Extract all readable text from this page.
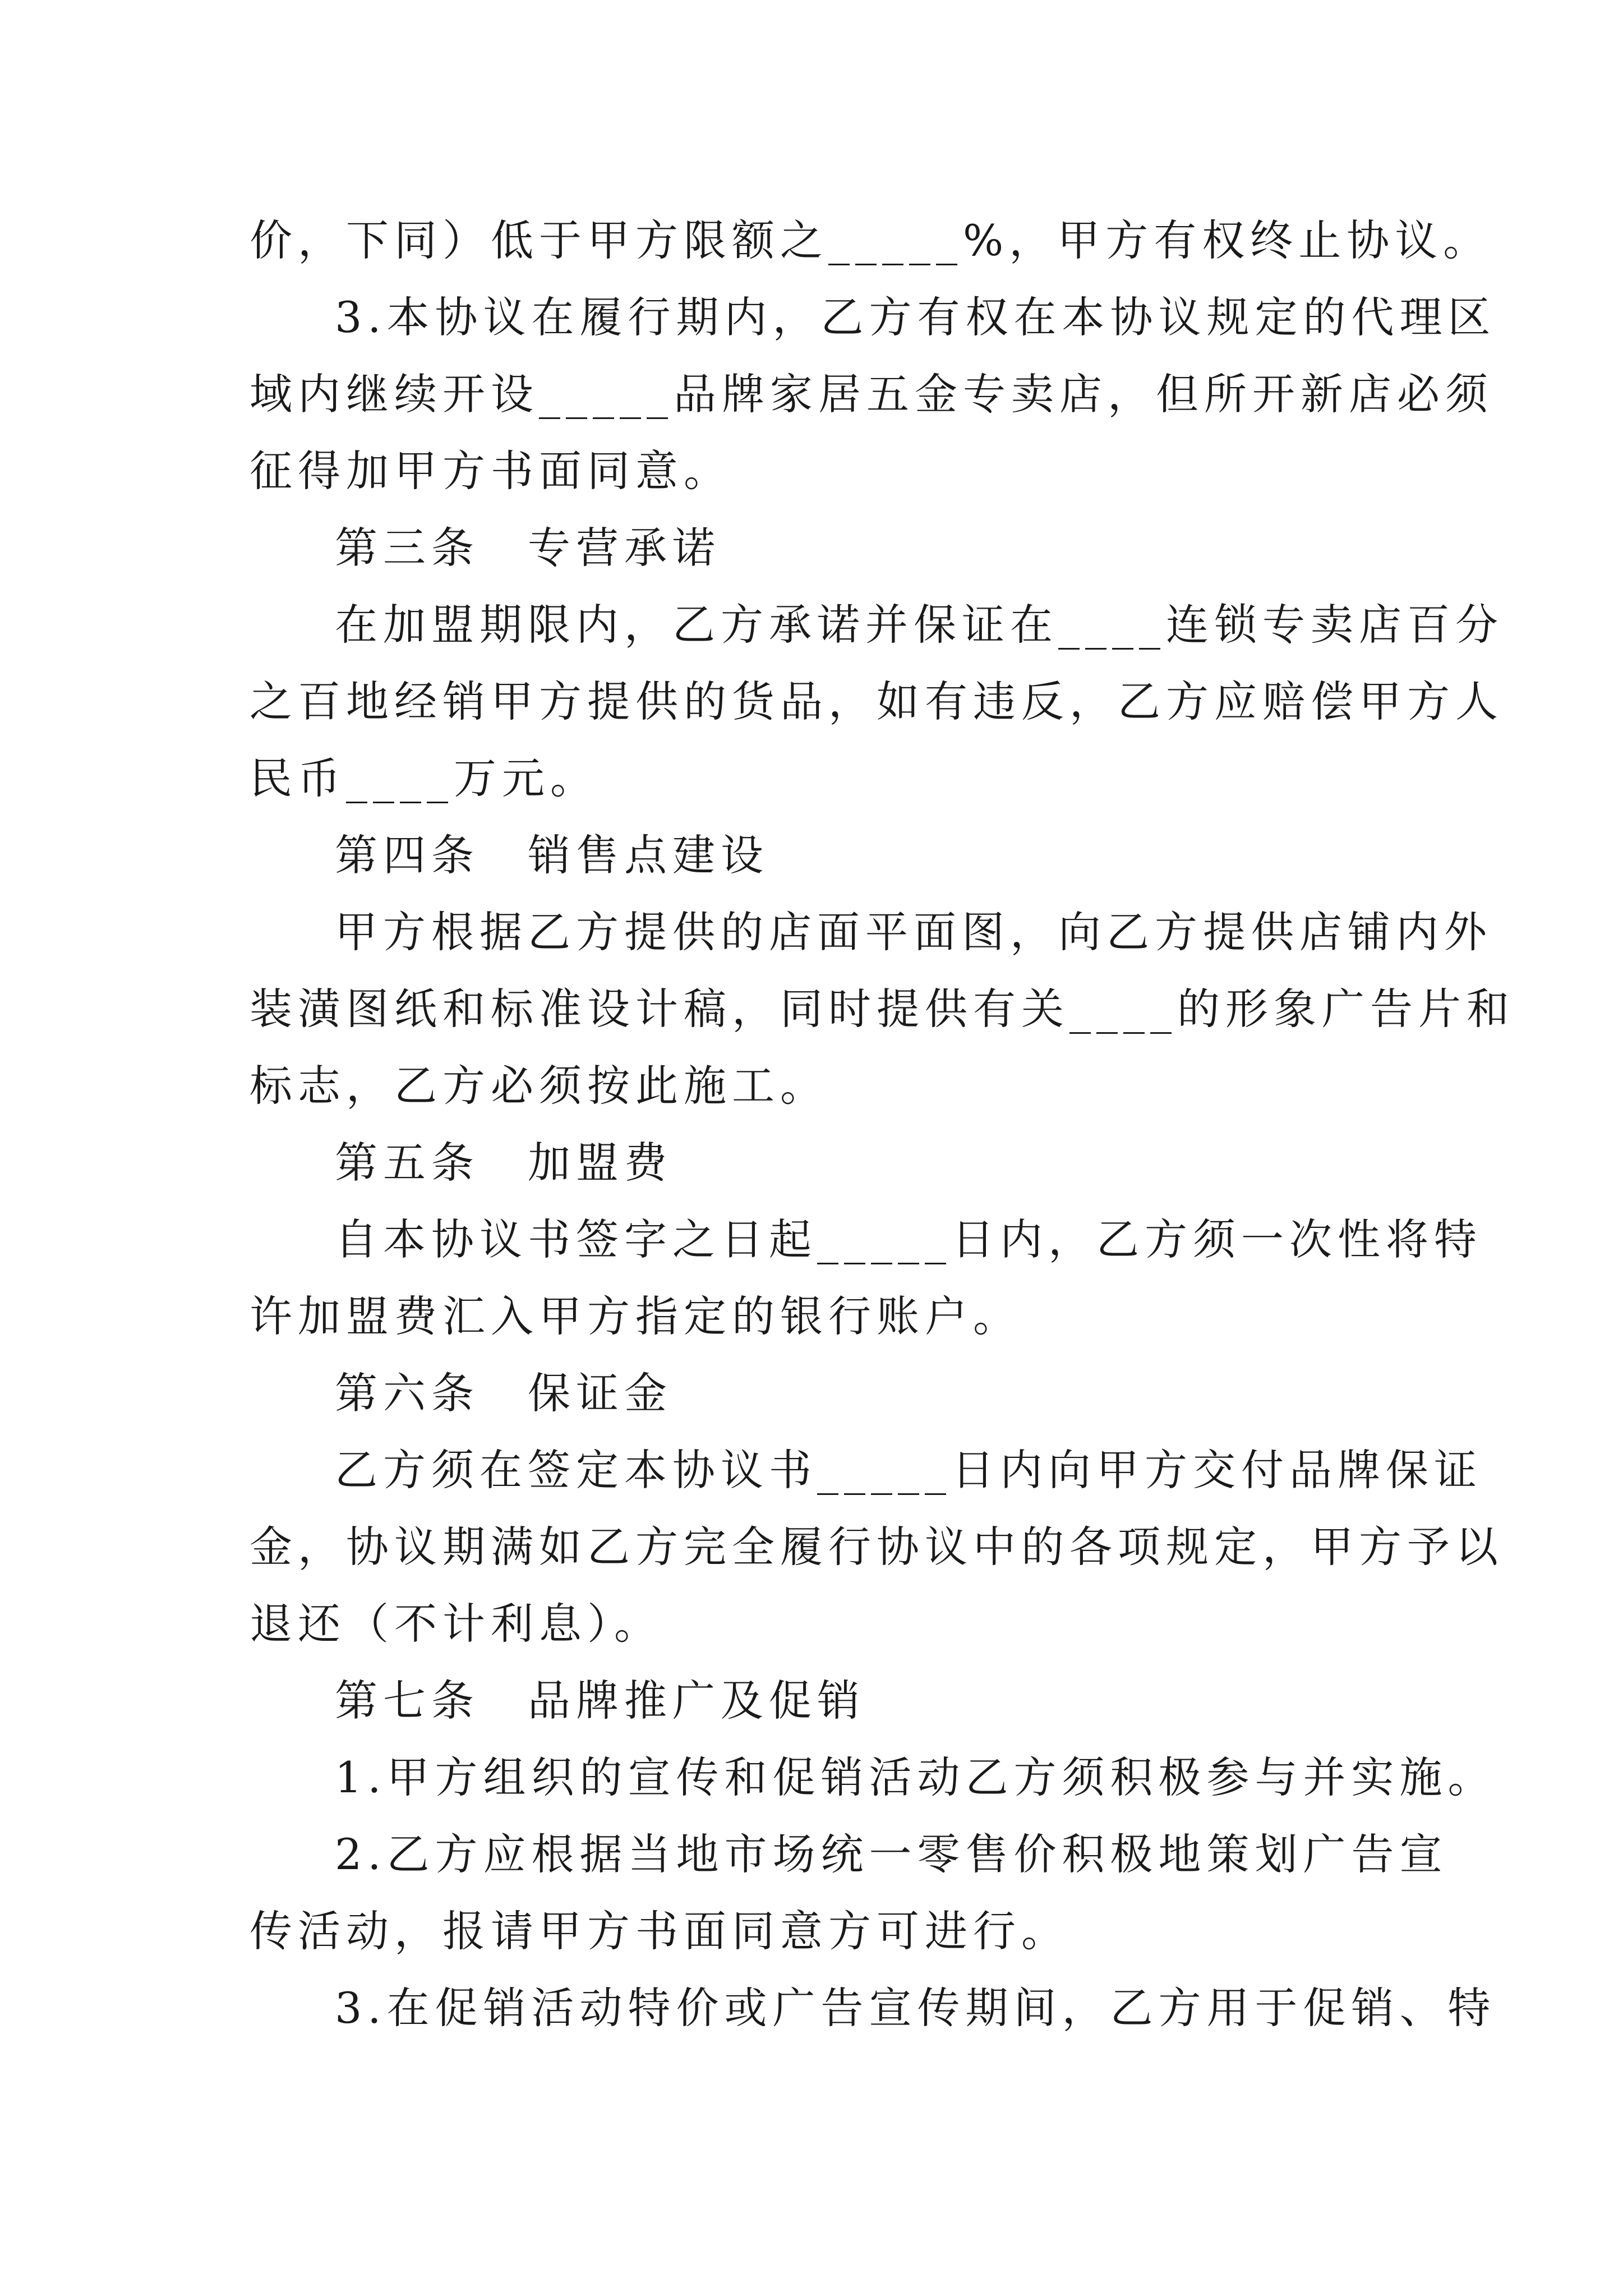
价，下同）低于甲方限额之_____%，甲方有权终止协议。
3.本协议在履行期内，乙方有权在本协议规定的代理区
域内继续开设_____品牌家居五金专卖店，但所开新店必须
征得加甲方书面同意。
第三条　专营承诺
在加盟期限内，乙方承诺并保证在____连锁专卖店百分
之百地经销甲方提供的货品，如有违反，乙方应赔偿甲方人
民币____万元。
第四条　销售点建设
甲方根据乙方提供的店面平面图，向乙方提供店铺内外
装潢图纸和标准设计稿，同时提供有关____的形象广告片和
标志，乙方必须按此施工。
第五条　加盟费
自本协议书签字之日起_____日内，乙方须一次性将特
许加盟费汇入甲方指定的银行账户。
第六条　保证金
乙方须在签定本协议书_____日内向甲方交付品牌保证
金，协议期满如乙方完全履行协议中的各项规定，甲方予以
退还（不计利息）。
第七条　品牌推广及促销
1.甲方组织的宣传和促销活动乙方须积极参与并实施。
2.乙方应根据当地市场统一零售价积极地策划广告宣
传活动，报请甲方书面同意方可进行。
3.在促销活动特价或广告宣传期间，乙方用于促销、特
